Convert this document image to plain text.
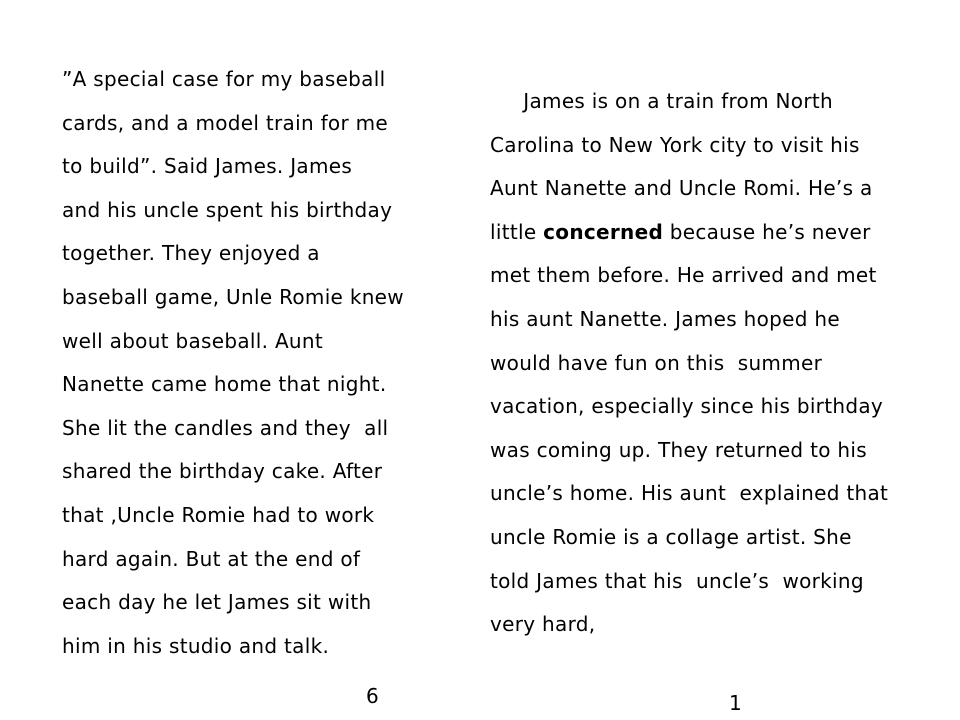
”A special case for my baseball
cards, and a model train for me
to build”. Said James. James
and his uncle spent his birthday
together. They enjoyed a
baseball game, Unle Romie knew
well about baseball. Aunt
Nanette came home that night.
She lit the candles and they  all
shared the birthday cake. After
that ,Uncle Romie had to work
hard again. But at the end of
each day he let James sit with
him in his studio and talk.
James is on a train from North
Carolina to New York city to visit his
Aunt Nanette and Uncle Romi. He’s a
little concerned because he’s never
met them before. He arrived and met
his aunt Nanette. James hoped he
would have fun on this  summer
vacation, especially since his birthday
was coming up. They returned to his
uncle’s home. His aunt  explained that
uncle Romie is a collage artist. She
told James that his  uncle’s  working
very hard,
6	1
